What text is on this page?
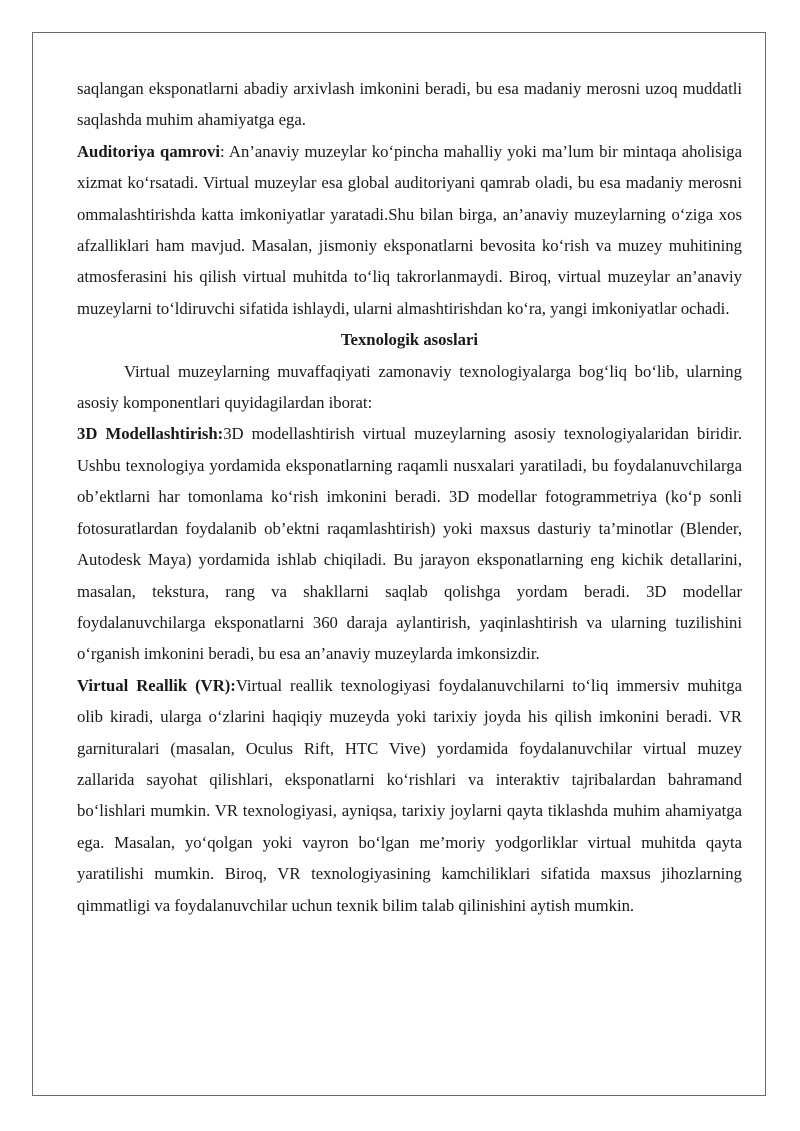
saqlangan eksponatlarni abadiy arxivlash imkonini beradi, bu esa madaniy merosni uzoq muddatli saqlashda muhim ahamiyatga ega.

Auditoriya qamrovi: An’anaviy muzeylar ko‘pincha mahalliy yoki ma’lum bir mintaqa aholisiga xizmat ko‘rsatadi. Virtual muzeylar esa global auditoriyani qamrab oladi, bu esa madaniy merosni ommalashtirishda katta imkoniyatlar yaratadi.Shu bilan birga, an’anaviy muzeylarning o‘ziga xos afzalliklari ham mavjud. Masalan, jismoniy eksponatlarni bevosita ko‘rish va muzey muhitining atmosferasini his qilish virtual muhitda to‘liq takrorlanmaydi. Biroq, virtual muzeylar an’anaviy muzeylarni to‘ldiruvchi sifatida ishlaydi, ularni almashtirishdan ko‘ra, yangi imkoniyatlar ochadi.

Texnologik asoslari

Virtual muzeylarning muvaffaqiyati zamonaviy texnologiyalarga bog‘liq bo‘lib, ularning asosiy komponentlari quyidagilardan iborat:

3D Modellashtirish:3D modellashtirish virtual muzeylarning asosiy texnologiyalaridan biridir. Ushbu texnologiya yordamida eksponatlarning raqamli nusxalari yaratiladi, bu foydalanuvchilarga ob’ektlarni har tomonlama ko‘rish imkonini beradi. 3D modellar fotogrammetriya (ko‘p sonli fotosuratlardan foydalanib ob’ektni raqamlashtirish) yoki maxsus dasturiy ta’minotlar (Blender, Autodesk Maya) yordamida ishlab chiqiladi. Bu jarayon eksponatlarning eng kichik detallarini, masalan, tekstura, rang va shakllarni saqlab qolishga yordam beradi. 3D modellar foydalanuvchilarga eksponatlarni 360 daraja aylantirish, yaqinlashtirish va ularning tuzilishini o‘rganish imkonini beradi, bu esa an’anaviy muzeylarda imkonsizdir.

Virtual Reallik (VR):Virtual reallik texnologiyasi foydalanuvchilarni to‘liq immersiv muhitga olib kiradi, ularga o‘zlarini haqiqiy muzeyda yoki tarixiy joyda his qilish imkonini beradi. VR garnituralari (masalan, Oculus Rift, HTC Vive) yordamida foydalanuvchilar virtual muzey zallarida sayohat qilishlari, eksponatlarni ko‘rishlari va interaktiv tajribalardan bahramand bo‘lishlari mumkin. VR texnologiyasi, ayniqsa, tarixiy joylarni qayta tiklashda muhim ahamiyatga ega. Masalan, yo‘qolgan yoki vayron bo‘lgan me’moriy yodgorliklar virtual muhitda qayta yaratilishi mumkin. Biroq, VR texnologiyasining kamchiliklari sifatida maxsus jihozlarning qimmatligi va foydalanuvchilar uchun texnik bilim talab qilinishini aytish mumkin.
